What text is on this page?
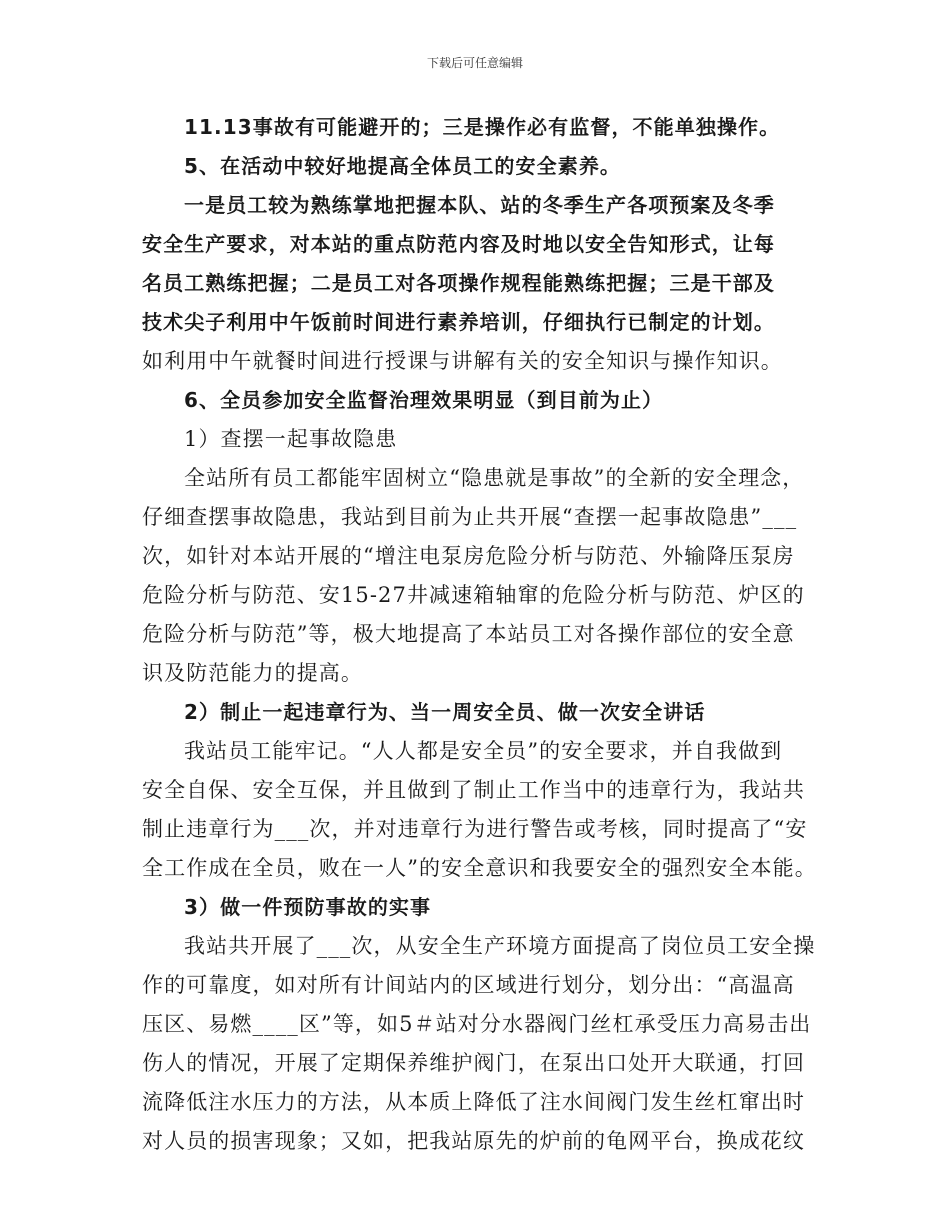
下载后可任意编辑
11.13事故有可能避开的；三是操作必有监督，不能单独操作。
5、在活动中较好地提高全体员工的安全素养。
一是员工较为熟练掌地把握本队、站的冬季生产各项预案及冬季
安全生产要求，对本站的重点防范内容及时地以安全告知形式，让每
名员工熟练把握；二是员工对各项操作规程能熟练把握；三是干部及
技术尖子利用中午饭前时间进行素养培训，仔细执行已制定的计划。
如利用中午就餐时间进行授课与讲解有关的安全知识与操作知识。
6、全员参加安全监督治理效果明显（到目前为止）
1）查摆一起事故隐患
全站所有员工都能牢固树立“隐患就是事故”的全新的安全理念，
仔细查摆事故隐患，我站到目前为止共开展“查摆一起事故隐患”___
次，如针对本站开展的“增注电泵房危险分析与防范、外输降压泵房
危险分析与防范、安15-27井减速箱轴窜的危险分析与防范、炉区的
危险分析与防范”等，极大地提高了本站员工对各操作部位的安全意
识及防范能力的提高。
2）制止一起违章行为、当一周安全员、做一次安全讲话
我站员工能牢记。“人人都是安全员”的安全要求，并自我做到
安全自保、安全互保，并且做到了制止工作当中的违章行为，我站共
制止违章行为___次，并对违章行为进行警告或考核，同时提高了“安
全工作成在全员，败在一人”的安全意识和我要安全的强烈安全本能。
3）做一件预防事故的实事
我站共开展了___次，从安全生产环境方面提高了岗位员工安全操
作的可靠度，如对所有计间站内的区域进行划分，划分出：“高温高
压区、易燃____区”等，如5＃站对分水器阀门丝杠承受压力高易击出
伤人的情况，开展了定期保养维护阀门，在泵出口处开大联通，打回
流降低注水压力的方法，从本质上降低了注水间阀门发生丝杠窜出时
对人员的损害现象；又如，把我站原先的炉前的龟网平台，换成花纹
